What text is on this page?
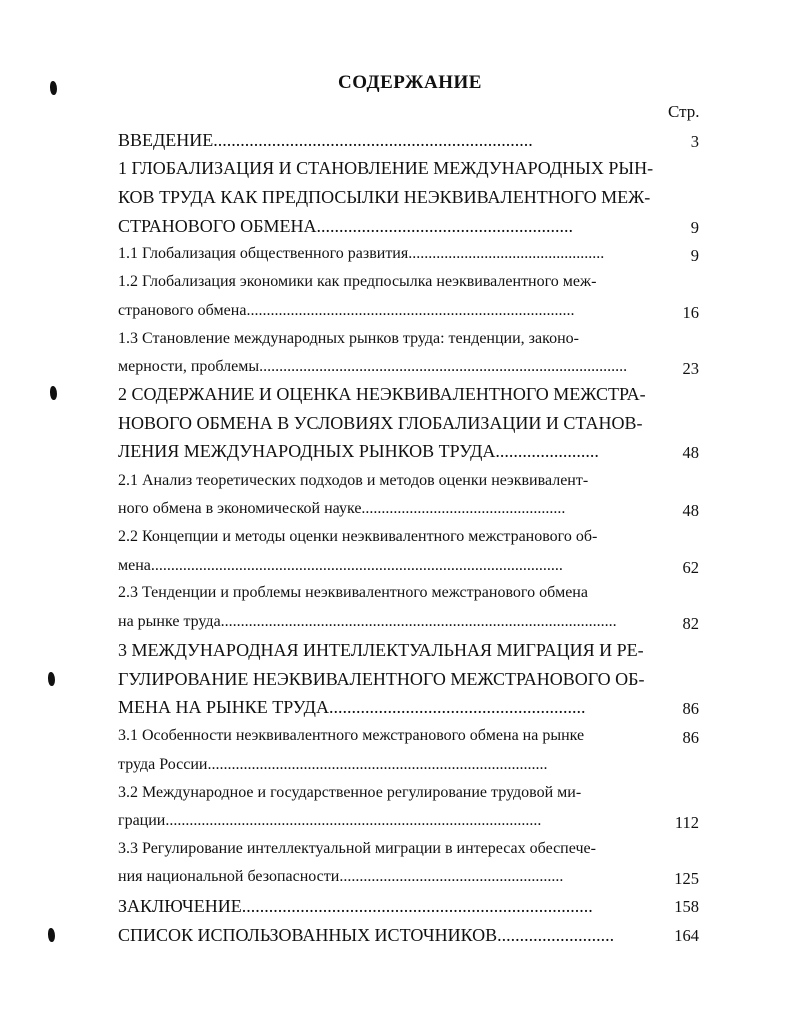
СОДЕРЖАНИЕ
Стр.
ВВЕДЕНИЕ.......................................................................	3
1 ГЛОБАЛИЗАЦИЯ И СТАНОВЛЕНИЕ МЕЖДУНАРОДНЫХ РЫН-
КОВ ТРУДА КАК ПРЕДПОСЫЛКИ НЕЭКВИВАЛЕНТНОГО МЕЖ-
СТРАНОВОГО ОБМЕНА.........................................................	9
1.1 Глобализация общественного развития.................................................	9
1.2 Глобализация экономики как предпосылка неэквивалентного меж-
странового обмена..................................................................................	16
1.3 Становление международных рынков труда: тенденции, законо-
мерности, проблемы............................................................................................	23
2 СОДЕРЖАНИЕ И ОЦЕНКА НЕЭКВИВАЛЕНТНОГО МЕЖСТРА-
НОВОГО ОБМЕНА В УСЛОВИЯХ ГЛОБАЛИЗАЦИИ И СТАНОВ-
ЛЕНИЯ МЕЖДУНАРОДНЫХ РЫНКОВ ТРУДА.......................	48
2.1 Анализ теоретических подходов и методов оценки неэквивалент-
ного обмена в экономической науке...................................................	48
2.2 Концепции и методы оценки неэквивалентного межстранового об-
мена.......................................................................................................	62
2.3 Тенденции и проблемы неэквивалентного межстранового обмена
на рынке труда...................................................................................................	82
3 МЕЖДУНАРОДНАЯ ИНТЕЛЛЕКТУАЛЬНАЯ МИГРАЦИЯ И РЕ-
ГУЛИРОВАНИЕ НЕЭКВИВАЛЕНТНОГО МЕЖСТРАНОВОГО ОБ-
МЕНА НА РЫНКЕ ТРУДА.........................................................	86
3.1 Особенности неэквивалентного межстранового обмена на рынке	86
труда России.....................................................................................
3.2 Международное и государственное регулирование трудовой ми-
грации..............................................................................................	112
3.3 Регулирование интеллектуальной миграции в интересах обеспече-
ния национальной безопасности........................................................	125
ЗАКЛЮЧЕНИЕ..............................................................................	158
СПИСОК ИСПОЛЬЗОВАННЫХ ИСТОЧНИКОВ..........................	164
